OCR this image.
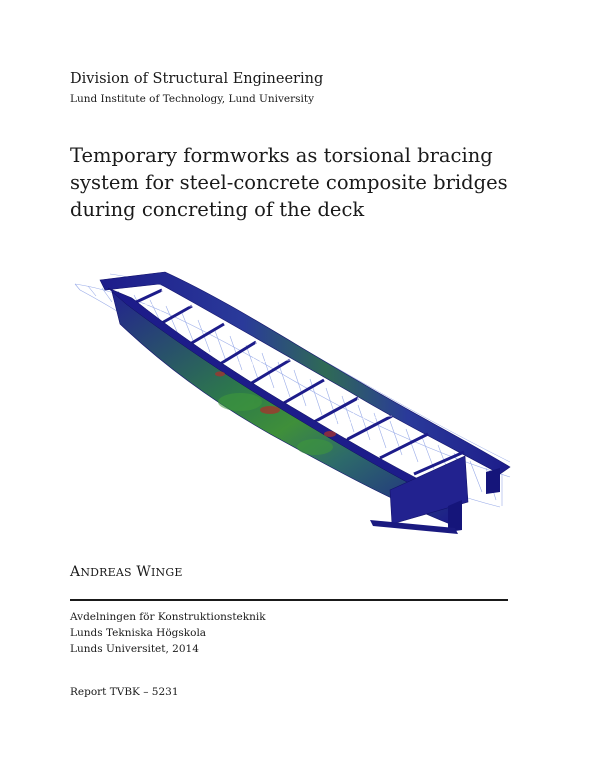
Division of Structural Engineering
Lund Institute of Technology, Lund University
Temporary formworks as torsional bracing
system for steel-concrete composite bridges
during concreting of the deck
ANDREAS WINGE
Avdelningen för Konstruktionsteknik
Lunds Tekniska Högskola
Lunds Universitet, 2014
Report TVBK – 5231
